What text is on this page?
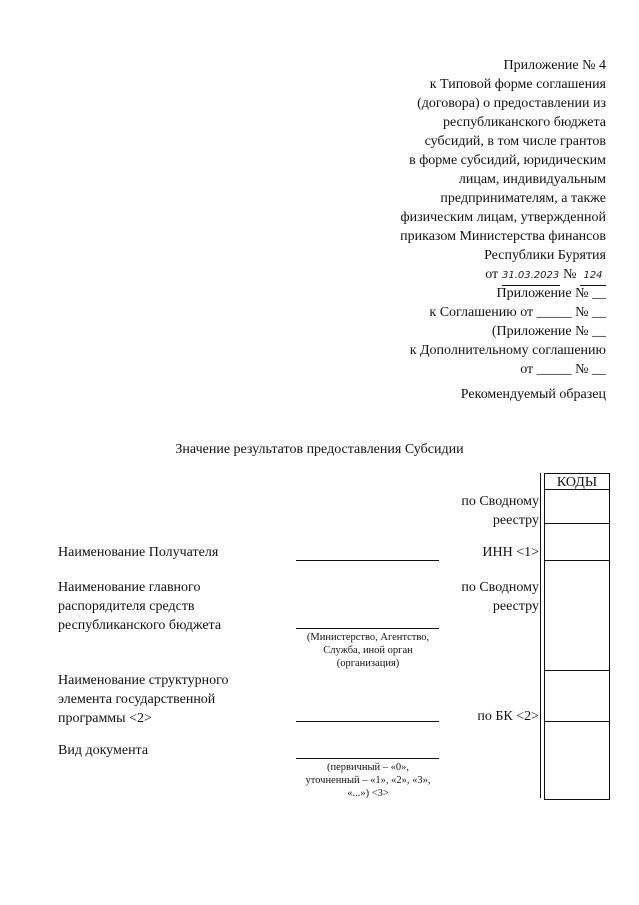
Приложение № 4
к Типовой форме соглашения
(договора) о предоставлении из
республиканского бюджета
субсидий, в том числе грантов
в форме субсидий, юридическим
лицам, индивидуальным
предпринимателям, а также
физическим лицам, утвержденной
приказом Министерства финансов
Республики Бурятия
от 31.03.2023 № 124
Приложение № __
к Соглашению от _____ № __
(Приложение № __
к Дополнительному соглашению
от _____ № __
Рекомендуемый образец
Значение результатов предоставления Субсидии
КОДЫ
по Сводному
реестру
ИНН <1>
по Сводному
реестру
по БК <2>
Наименование Получателя
Наименование главного
распорядителя средств
республиканского бюджета
Наименование структурного
элемента государственной
программы <2>
Вид документа
(Министерство, Агентство,
Служба, иной орган
(организация)
(первичный – «0»,
уточненный – «1», «2», «3»,
«...») <3>
